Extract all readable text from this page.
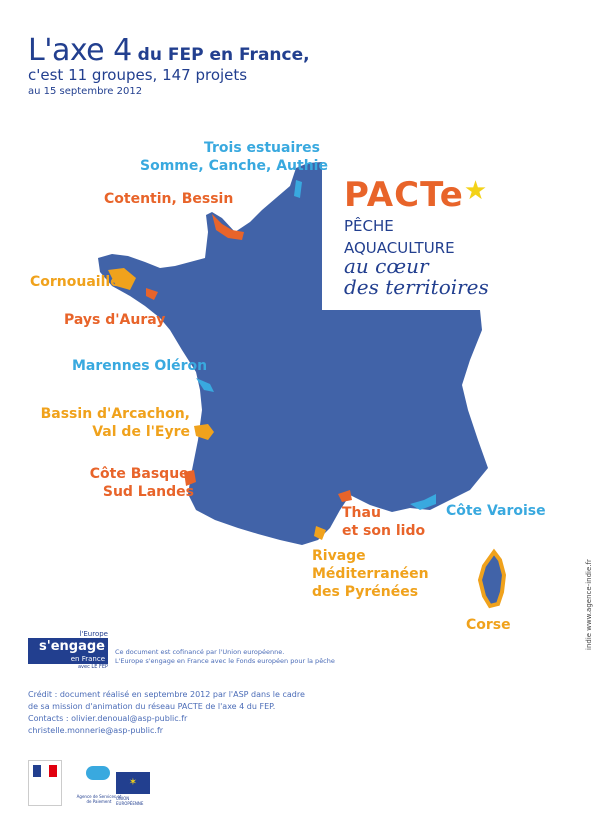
L'axe 4 du FEP en France,
c'est 11 groupes, 147 projets
au 15 septembre 2012
Trois estuaires
Somme, Canche, Authie
Cotentin, Bessin
Cornouaille
Pays d'Auray
Marennes Oléron
Bassin d'Arcachon,
Val de l'Eyre
Côte Basque,
Sud Landes
Thau
et son lido
Côte Varoise
Rivage
Méditerranéen
des Pyrénées
Corse
PACTe★
PÊCHE
AQUACULTURE
au cœur
des territoires
l'Europe
s'engage
en France
avec LE FEP
Ce document est cofinancé par l'Union européenne.
L'Europe s'engage en France avec le Fonds européen pour la pêche
Crédit : document réalisé en septembre 2012 par l'ASP dans le cadre
de sa mission d'animation du réseau PACTE de l'axe 4 du FEP.
Contacts : olivier.denoual@asp-public.fr
christelle.monnerie@asp-public.fr
indie www.agence-indie.fr
Agence de Services et de Paiement
✶
UNION EUROPÉENNE
